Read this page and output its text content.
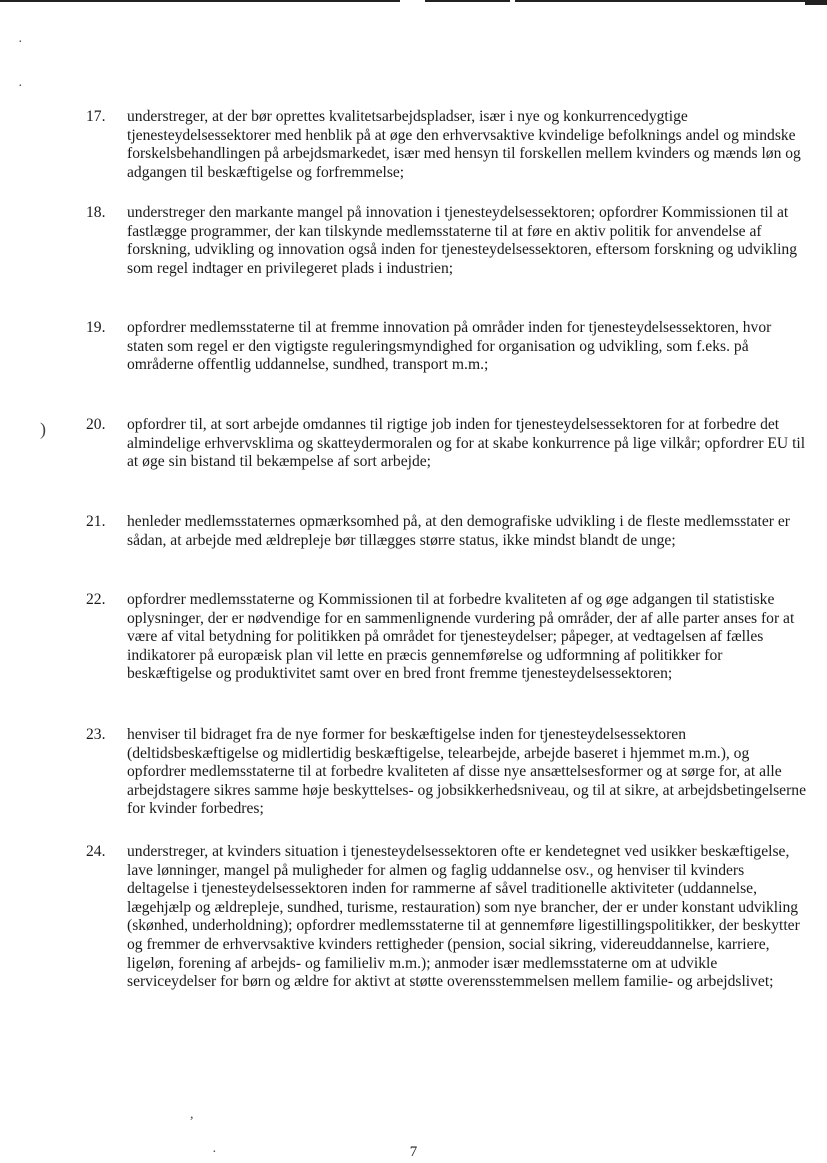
·
·
)
,
·
17.	understreger, at der bør oprettes kvalitetsarbejdspladser, især i nye og konkurrencedygtige tjenesteydelsessektorer med henblik på at øge den erhvervsaktive kvindelige befolknings andel og mindske forskelsbehandlingen på arbejdsmarkedet, især med hensyn til forskellen mellem kvinders og mænds løn og adgangen til beskæftigelse og forfremmelse;
18.	understreger den markante mangel på innovation i tjenesteydelsessektoren; opfordrer Kommissionen til at fastlægge programmer, der kan tilskynde medlemsstaterne til at føre en aktiv politik for anvendelse af forskning, udvikling og innovation også inden for tjenesteydelsessektoren, eftersom forskning og udvikling som regel indtager en privilegeret plads i industrien;
19.	opfordrer medlemsstaterne til at fremme innovation på områder inden for tjenesteydelsessektoren, hvor staten som regel er den vigtigste reguleringsmyndighed for organisation og udvikling, som f.eks. på områderne offentlig uddannelse, sundhed, transport m.m.;
20.	opfordrer til, at sort arbejde omdannes til rigtige job inden for tjenesteydelsessektoren for at forbedre det almindelige erhvervsklima og skatteydermoralen og for at skabe konkurrence på lige vilkår; opfordrer EU til at øge sin bistand til bekæmpelse af sort arbejde;
21.	henleder medlemsstaternes opmærksomhed på, at den demografiske udvikling i de fleste medlemsstater er sådan, at arbejde med ældrepleje bør tillægges større status, ikke mindst blandt de unge;
22.	opfordrer medlemsstaterne og Kommissionen til at forbedre kvaliteten af og øge adgangen til statistiske oplysninger, der er nødvendige for en sammenlignende vurdering på områder, der af alle parter anses for at være af vital betydning for politikken på området for tjenesteydelser; påpeger, at vedtagelsen af fælles indikatorer på europæisk plan vil lette en præcis gennemførelse og udformning af politikker for beskæftigelse og produktivitet samt over en bred front fremme tjenesteydelsessektoren;
23.	henviser til bidraget fra de nye former for beskæftigelse inden for tjenesteydelsessektoren (deltidsbeskæftigelse og midlertidig beskæftigelse, telearbejde, arbejde baseret i hjemmet m.m.), og opfordrer medlemsstaterne til at forbedre kvaliteten af disse nye ansættelsesformer og at sørge for, at alle arbejdstagere sikres samme høje beskyttelses- og jobsikkerhedsniveau, og til at sikre, at arbejdsbetingelserne for kvinder forbedres;
24.	understreger, at kvinders situation i tjenesteydelsessektoren ofte er kendetegnet ved usikker beskæftigelse, lave lønninger, mangel på muligheder for almen og faglig uddannelse osv., og henviser til kvinders deltagelse i tjenesteydelsessektoren inden for rammerne af såvel traditionelle aktiviteter (uddannelse, lægehjælp og ældrepleje, sundhed, turisme, restauration) som nye brancher, der er under konstant udvikling (skønhed, underholdning); opfordrer medlemsstaterne til at gennemføre ligestillingspolitikker, der beskytter og fremmer de erhvervsaktive kvinders rettigheder (pension, social sikring, videreuddannelse, karriere, ligeløn, forening af arbejds- og familieliv m.m.); anmoder især medlemsstaterne om at udvikle serviceydelser for børn og ældre for aktivt at støtte overensstemmelsen mellem familie- og arbejdslivet;
7
